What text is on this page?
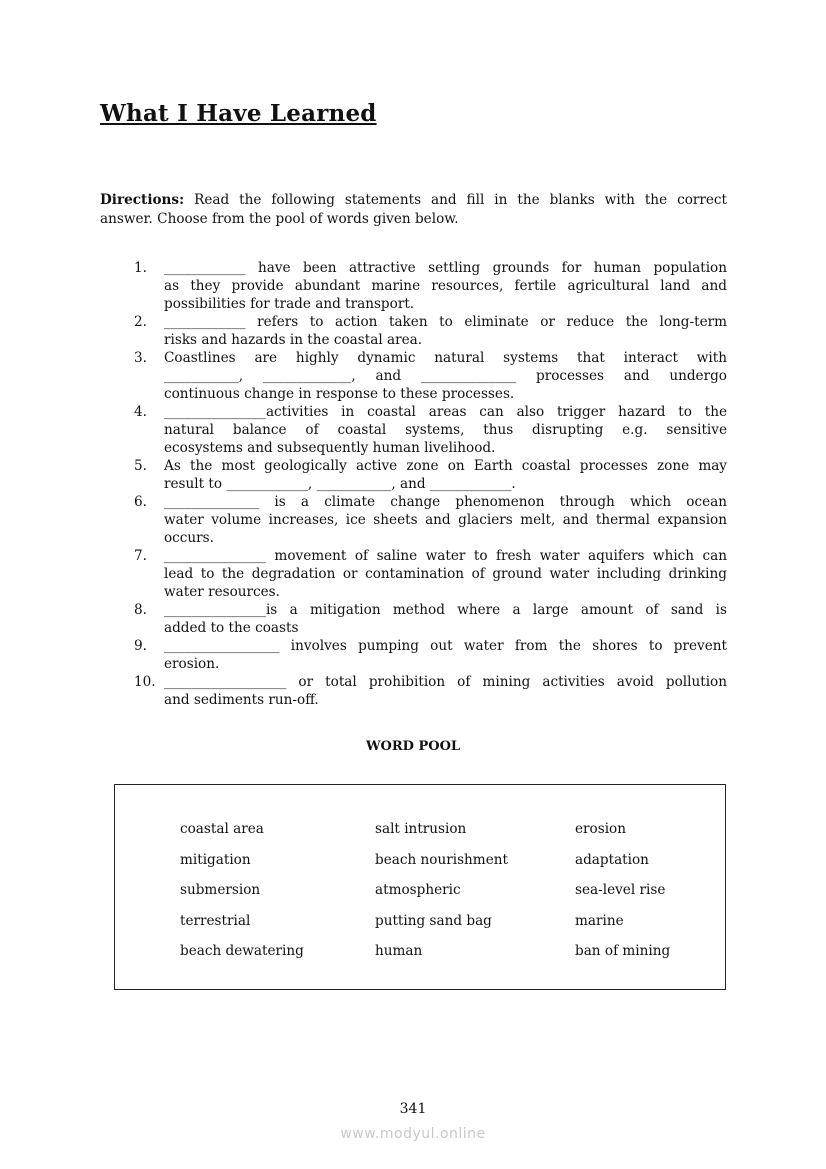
What I Have Learned
Directions: Read the following statements and fill in the blanks with the correct
answer. Choose from the pool of words given below.
1. ____________ have been attractive settling grounds for human population
as they provide abundant marine resources, fertile agricultural land and
possibilities for trade and transport.
2. ____________ refers to action taken to eliminate or reduce the long-term
risks and hazards in the coastal area.
3. Coastlines are highly dynamic natural systems that interact with
___________, _____________, and ______________ processes and undergo
continuous change in response to these processes.
4. _______________activities in coastal areas can also trigger hazard to the
natural balance of coastal systems, thus disrupting e.g. sensitive
ecosystems and subsequently human livelihood.
5. As the most geologically active zone on Earth coastal processes zone may
result to ____________, ___________, and ____________.
6. ______________ is a climate change phenomenon through which ocean
water volume increases, ice sheets and glaciers melt, and thermal expansion
occurs.
7. _______________ movement of saline water to fresh water aquifers which can
lead to the degradation or contamination of ground water including drinking
water resources.
8. _______________is a mitigation method where a large amount of sand is
added to the coasts
9. _________________ involves pumping out water from the shores to prevent
erosion.
10. __________________ or total prohibition of mining activities avoid pollution
and sediments run-off.
WORD POOL
coastal area	salt intrusion	erosion
mitigation	beach nourishment	adaptation
submersion	atmospheric	sea-level rise
terrestrial	putting sand bag	marine
beach dewatering	human	ban of mining
341
www.modyul.online
